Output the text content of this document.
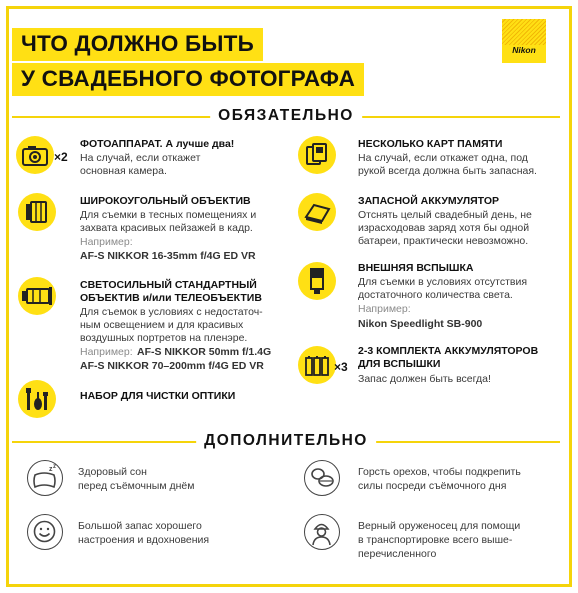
ЧТО ДОЛЖНО БЫТЬ
У СВАДЕБНОГО ФОТОГРАФА
Nikon
ОБЯЗАТЕЛЬНО
×2
ФОТОАППАРАТ. А лучше два!
На случай, если откажет
основная камера.
ШИРОКОУГОЛЬНЫЙ ОБЪЕКТИВ
Для съемки в тесных помещениях и
захвата красивых пейзажей в кадр.
Например:
AF-S NIKKOR 16-35mm f/4G ED VR
СВЕТОСИЛЬНЫЙ СТАНДАРТНЫЙ
ОБЪЕКТИВ и/или ТЕЛЕОБЪЕКТИВ
Для съемок в условиях с недостаточ-
ным освещением и для красивых
воздушных портретов на пленэре.
Например: AF-S NIKKOR 50mm f/1.4G
AF-S NIKKOR 70–200mm f/4G ED VR
НАБОР ДЛЯ ЧИСТКИ ОПТИКИ
НЕСКОЛЬКО КАРТ ПАМЯТИ
На случай, если откажет одна, под
рукой всегда должна быть запасная.
ЗАПАСНОЙ АККУМУЛЯТОР
Отснять целый свадебный день, не
израсходовав заряд хотя бы одной
батареи, практически невозможно.
ВНЕШНЯЯ ВСПЫШКА
Для съемки в условиях отсутствия
достаточного количества света.
Например:
Nikon Speedlight SB-900
×3
2-3 КОМПЛЕКТА АККУМУЛЯТОРОВ
ДЛЯ ВСПЫШКИ
Запас должен быть всегда!
ДОПОЛНИТЕЛЬНО
z z Здоровый сон
перед съёмочным днём
Горсть орехов, чтобы подкрепить
силы посреди съёмочного дня
Большой запас хорошего
настроения и вдохновения
Верный оруженосец для помощи
в транспортировке всего выше-
перечисленного
